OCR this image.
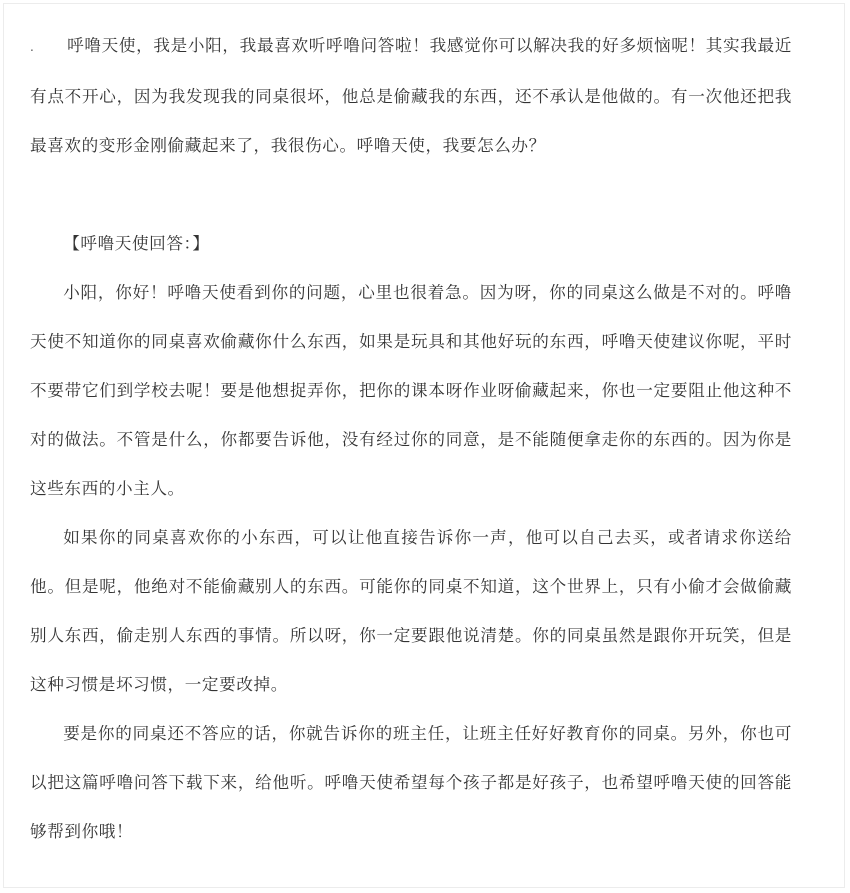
. 呼噜天使，我是小阳，我最喜欢听呼噜问答啦！我感觉你可以解决我的好多烦恼呢！其实我最近有点不开心，因为我发现我的同桌很坏，他总是偷藏我的东西，还不承认是他做的。有一次他还把我最喜欢的变形金刚偷藏起来了，我很伤心。呼噜天使，我要怎么办？

【呼噜天使回答：】

小阳，你好！呼噜天使看到你的问题，心里也很着急。因为呀，你的同桌这么做是不对的。呼噜天使不知道你的同桌喜欢偷藏你什么东西，如果是玩具和其他好玩的东西，呼噜天使建议你呢，平时不要带它们到学校去呢！要是他想捉弄你，把你的课本呀作业呀偷藏起来，你也一定要阻止他这种不对的做法。不管是什么，你都要告诉他，没有经过你的同意，是不能随便拿走你的东西的。因为你是这些东西的小主人。

如果你的同桌喜欢你的小东西，可以让他直接告诉你一声，他可以自己去买，或者请求你送给他。但是呢，他绝对不能偷藏别人的东西。可能你的同桌不知道，这个世界上，只有小偷才会做偷藏别人东西，偷走别人东西的事情。所以呀，你一定要跟他说清楚。你的同桌虽然是跟你开玩笑，但是这种习惯是坏习惯，一定要改掉。

要是你的同桌还不答应的话，你就告诉你的班主任，让班主任好好教育你的同桌。另外，你也可以把这篇呼噜问答下载下来，给他听。呼噜天使希望每个孩子都是好孩子，也希望呼噜天使的回答能够帮到你哦！
